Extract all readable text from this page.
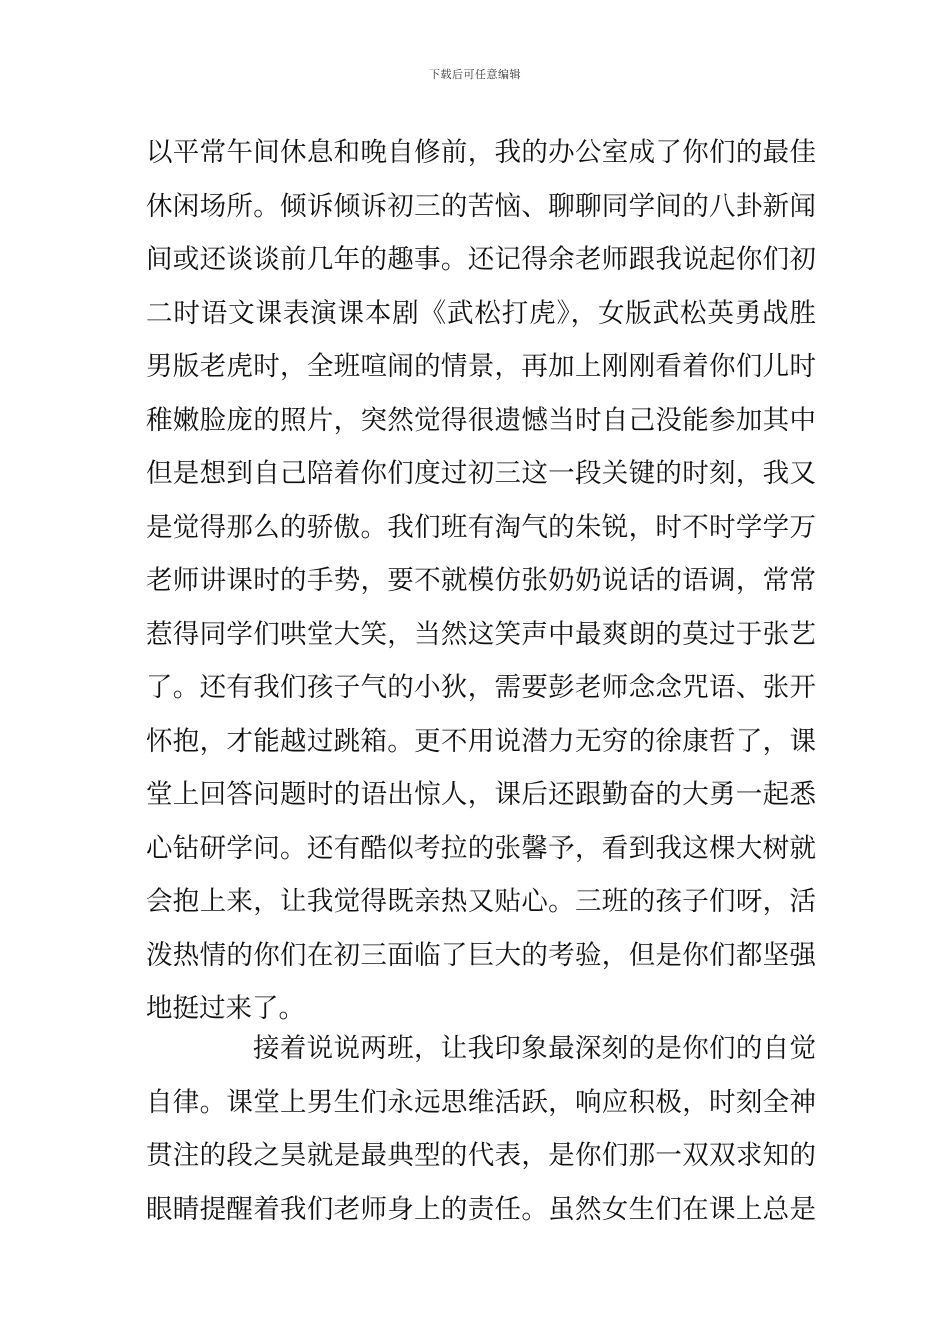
下载后可任意编辑
以平常午间休息和晚自修前，我的办公室成了你们的最佳
休闲场所。倾诉倾诉初三的苦恼、聊聊同学间的八卦新闻
间或还谈谈前几年的趣事。还记得余老师跟我说起你们初
二时语文课表演课本剧《武松打虎》，女版武松英勇战胜
男版老虎时，全班喧闹的情景，再加上刚刚看着你们儿时
稚嫩脸庞的照片，突然觉得很遗憾当时自己没能参加其中
但是想到自己陪着你们度过初三这一段关键的时刻，我又
是觉得那么的骄傲。我们班有淘气的朱锐，时不时学学万
老师讲课时的手势，要不就模仿张奶奶说话的语调，常常
惹得同学们哄堂大笑，当然这笑声中最爽朗的莫过于张艺
了。还有我们孩子气的小狄，需要彭老师念念咒语、张开
怀抱，才能越过跳箱。更不用说潜力无穷的徐康哲了，课
堂上回答问题时的语出惊人，课后还跟勤奋的大勇一起悉
心钻研学问。还有酷似考拉的张馨予，看到我这棵大树就
会抱上来，让我觉得既亲热又贴心。三班的孩子们呀，活
泼热情的你们在初三面临了巨大的考验，但是你们都坚强
地挺过来了。
接着说说两班，让我印象最深刻的是你们的自觉
自律。课堂上男生们永远思维活跃，响应积极，时刻全神
贯注的段之昊就是最典型的代表，是你们那一双双求知的
眼睛提醒着我们老师身上的责任。虽然女生们在课上总是
